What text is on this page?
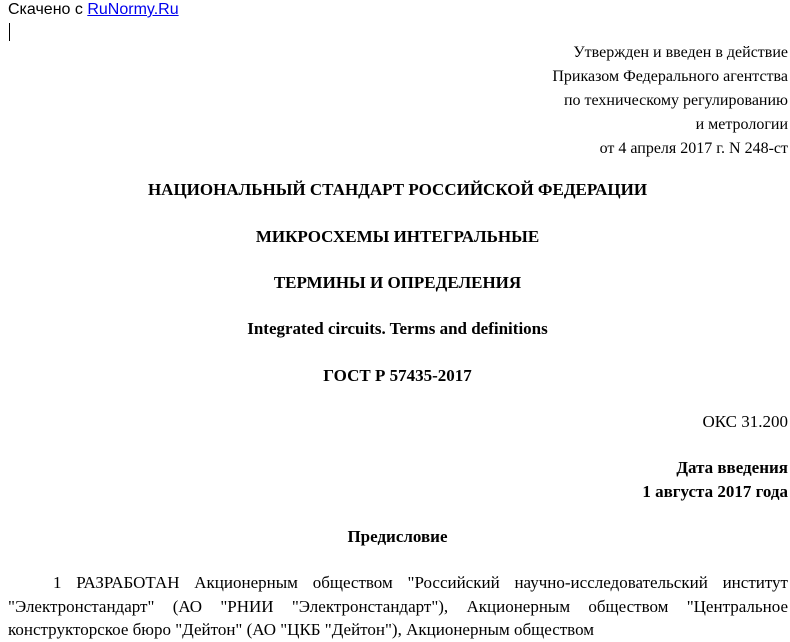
Скачено с RuNormy.Ru
Утвержден и введен в действие
Приказом Федерального агентства
по техническому регулированию
и метрологии
от 4 апреля 2017 г. N 248-ст
НАЦИОНАЛЬНЫЙ СТАНДАРТ РОССИЙСКОЙ ФЕДЕРАЦИИ
МИКРОСХЕМЫ ИНТЕГРАЛЬНЫЕ
ТЕРМИНЫ И ОПРЕДЕЛЕНИЯ
Integrated circuits. Terms and definitions
ГОСТ Р 57435-2017
ОКС 31.200
Дата введения
1 августа 2017 года
Предисловие
1 РАЗРАБОТАН Акционерным обществом "Российский научно-исследовательский институт "Электронстандарт" (АО "РНИИ "Электронстандарт"), Акционерным обществом "Центральное конструкторское бюро "Дейтон" (АО "ЦКБ "Дейтон"), Акционерным обществом
